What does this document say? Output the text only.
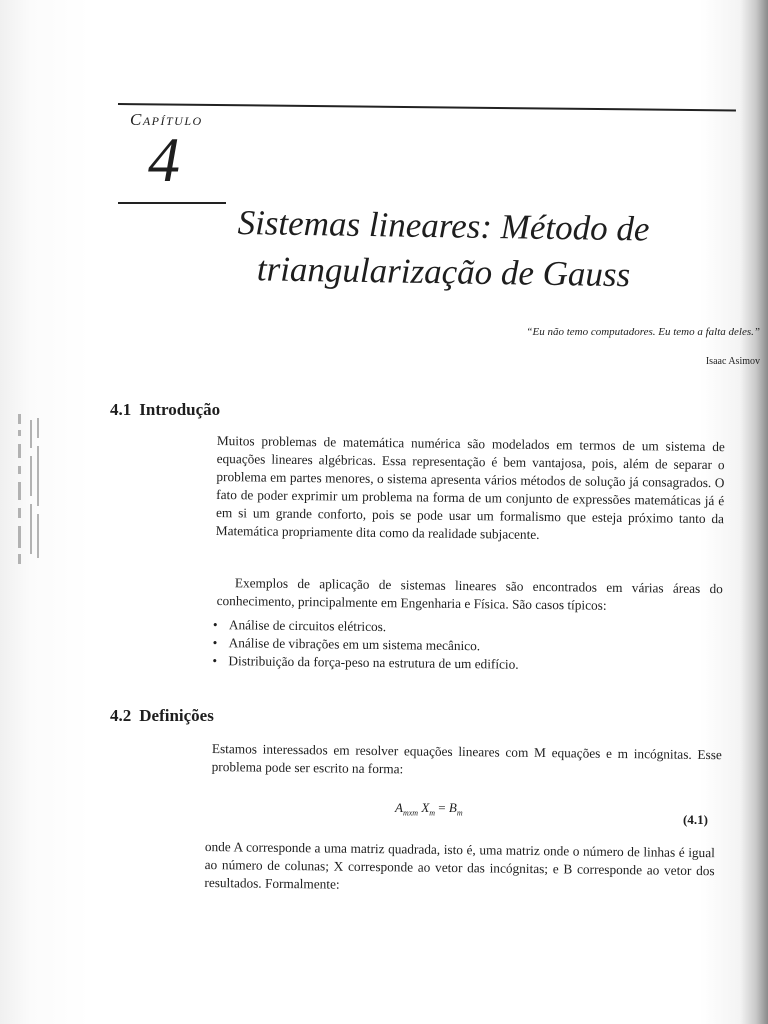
Capítulo
4
Sistemas lineares: Método de
triangularização de Gauss
“Eu não temo computadores. Eu temo a falta deles.”
Isaac Asimov
4.1 Introdução
Muitos problemas de matemática numérica são modelados em termos de um sistema de equações lineares algébricas. Essa representação é bem vantajosa, pois, além de separar o problema em partes menores, o sistema apresenta vários métodos de solução já consagrados. O fato de poder exprimir um problema na forma de um conjunto de expressões matemáticas já é em si um grande conforto, pois se pode usar um formalismo que esteja próximo tanto da Matemática propriamente dita como da realidade subjacente.
Exemplos de aplicação de sistemas lineares são encontrados em várias áreas do conhecimento, principalmente em Engenharia e Física. São casos típicos:
• Análise de circuitos elétricos.
• Análise de vibrações em um sistema mecânico.
• Distribuição da força-peso na estrutura de um edifício.
4.2 Definições
Estamos interessados em resolver equações lineares com M equações e m incógnitas. Esse problema pode ser escrito na forma:
$A_{mxm}$ $X_m = B_m$	(4.1)
onde A corresponde a uma matriz quadrada, isto é, uma matriz onde o número de linhas é igual ao número de colunas; X corresponde ao vetor das incógnitas; e B corresponde ao vetor dos resultados. Formalmente:
